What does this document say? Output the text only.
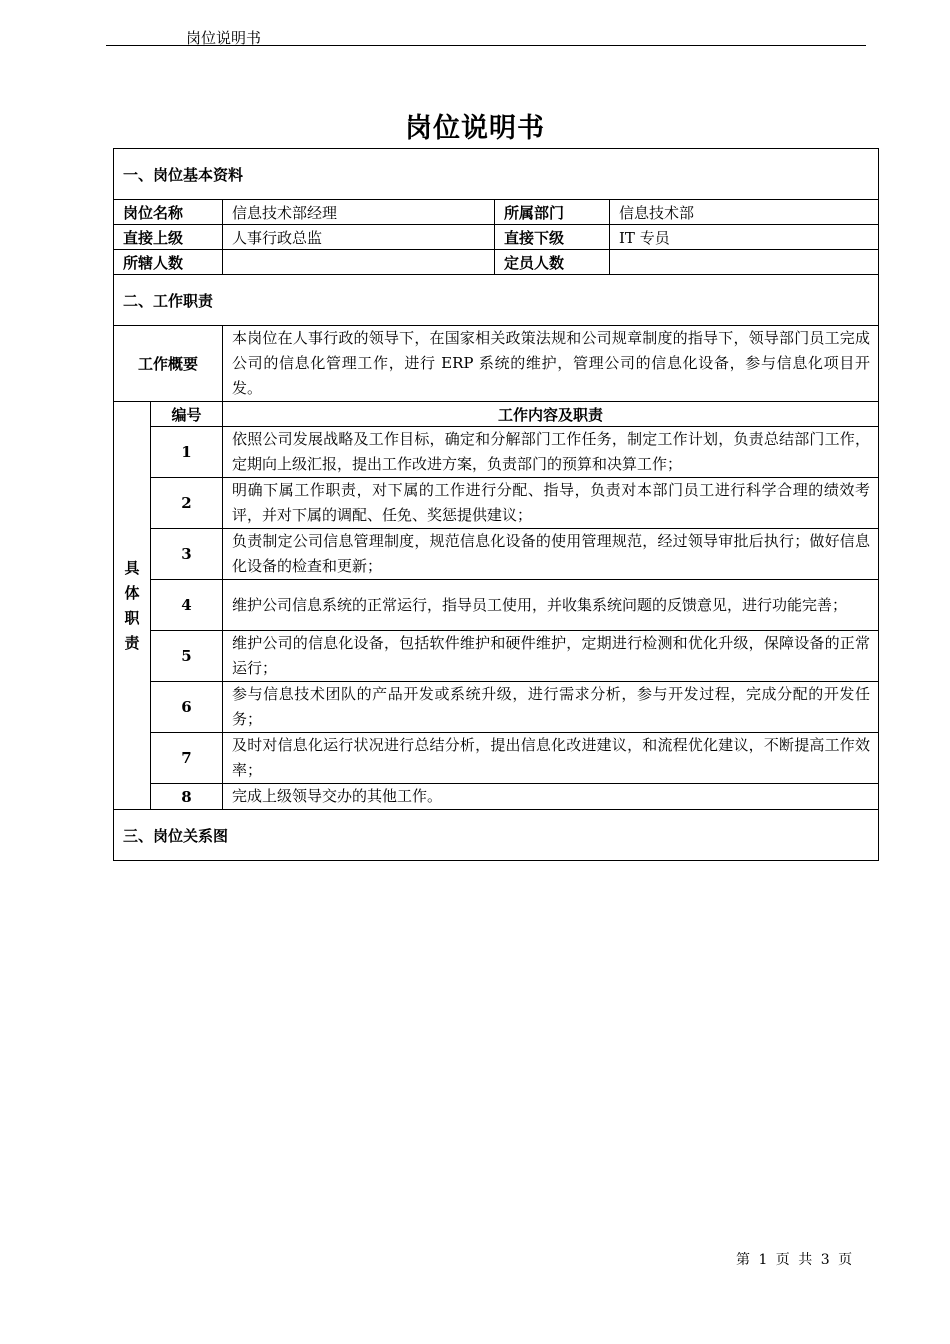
岗位说明书
岗位说明书
一、岗位基本资料				
岗位名称		信息技术部经理	所属部门	信息技术部
直接上级		人事行政总监	直接下级	IT 专员
所辖人数			定员人数	
二、工作职责				
工作概要		本岗位在人事行政的领导下，在国家相关政策法规和公司规章制度的指导下，领导部门员工完成公司的信息化管理工作，进行 ERP 系统的维护，管理公司的信息化设备，参与信息化项目开发。		

具
体
职
责	编号	工作内容及职责		
	1	依照公司发展战略及工作目标，确定和分解部门工作任务，制定工作计划，负责总结部门工作，定期向上级汇报，提出工作改进方案，负责部门的预算和决算工作；		
	2	明确下属工作职责，对下属的工作进行分配、指导，负责对本部门员工进行科学合理的绩效考评，并对下属的调配、任免、奖惩提供建议；		
	3	负责制定公司信息管理制度，规范信息化设备的使用管理规范，经过领导审批后执行；做好信息化设备的检查和更新；		
	4	维护公司信息系统的正常运行，指导员工使用，并收集系统问题的反馈意见，进行功能完善；		
	5	维护公司的信息化设备，包括软件维护和硬件维护，定期进行检测和优化升级，保障设备的正常运行；		
	6	参与信息技术团队的产品开发或系统升级，进行需求分析，参与开发过程，完成分配的开发任务；		
	7	及时对信息化运行状况进行总结分析，提出信息化改进建议，和流程优化建议，不断提高工作效率；		
	8	完成上级领导交办的其他工作。		
三、岗位关系图				
第 1 页 共 3 页
